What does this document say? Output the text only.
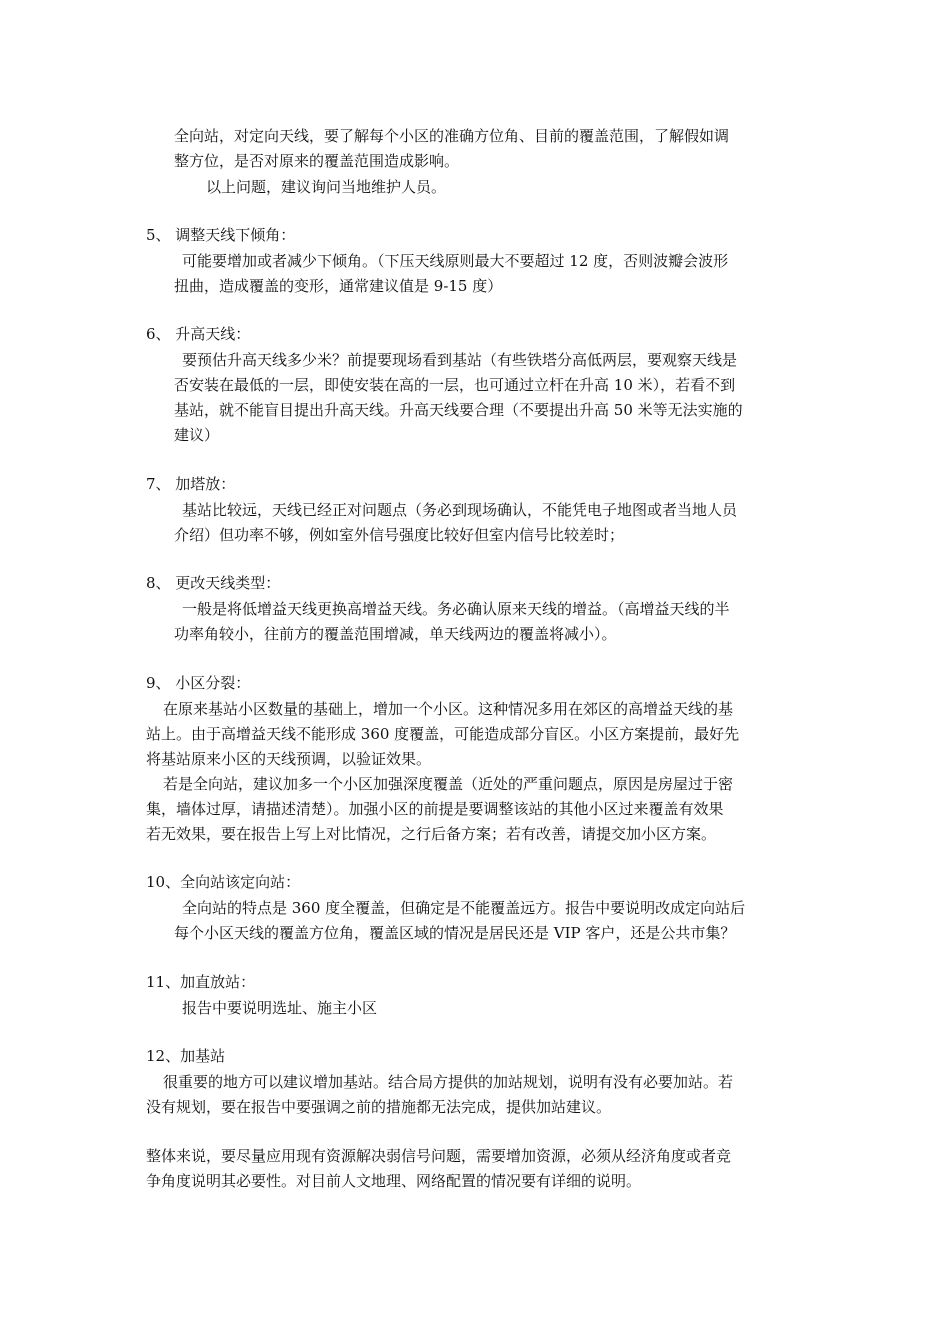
全向站，对定向天线，要了解每个小区的准确方位角、目前的覆盖范围，了解假如调
整方位，是否对原来的覆盖范围造成影响。
以上问题，建议询问当地维护人员。
5、 调整天线下倾角：
可能要增加或者减少下倾角。（下压天线原则最大不要超过 12 度，否则波瓣会波形
扭曲，造成覆盖的变形，通常建议值是 9-15 度）
6、 升高天线：
要预估升高天线多少米？前提要现场看到基站（有些铁塔分高低两层，要观察天线是
否安装在最低的一层，即使安装在高的一层，也可通过立杆在升高 10 米），若看不到
基站，就不能盲目提出升高天线。升高天线要合理（不要提出升高 50 米等无法实施的
建议）
7、 加塔放：
基站比较远，天线已经正对问题点（务必到现场确认，不能凭电子地图或者当地人员
介绍）但功率不够，例如室外信号强度比较好但室内信号比较差时；
8、 更改天线类型：
一般是将低增益天线更换高增益天线。务必确认原来天线的增益。（高增益天线的半
功率角较小，往前方的覆盖范围增减，单天线两边的覆盖将减小）。
9、 小区分裂：
在原来基站小区数量的基础上，增加一个小区。这种情况多用在郊区的高增益天线的基
站上。由于高增益天线不能形成 360 度覆盖，可能造成部分盲区。小区方案提前，最好先
将基站原来小区的天线预调，以验证效果。
若是全向站，建议加多一个小区加强深度覆盖（近处的严重问题点，原因是房屋过于密
集，墙体过厚，请描述清楚）。加强小区的前提是要调整该站的其他小区过来覆盖有效果
若无效果，要在报告上写上对比情况，之行后备方案；若有改善，请提交加小区方案。
10、全向站该定向站：
全向站的特点是 360 度全覆盖，但确定是不能覆盖远方。报告中要说明改成定向站后
每个小区天线的覆盖方位角，覆盖区域的情况是居民还是 VIP 客户，还是公共市集？
11、加直放站：
报告中要说明选址、施主小区
12、加基站
很重要的地方可以建议增加基站。结合局方提供的加站规划，说明有没有必要加站。若
没有规划，要在报告中要强调之前的措施都无法完成，提供加站建议。
整体来说，要尽量应用现有资源解决弱信号问题，需要增加资源，必须从经济角度或者竞
争角度说明其必要性。对目前人文地理、网络配置的情况要有详细的说明。
